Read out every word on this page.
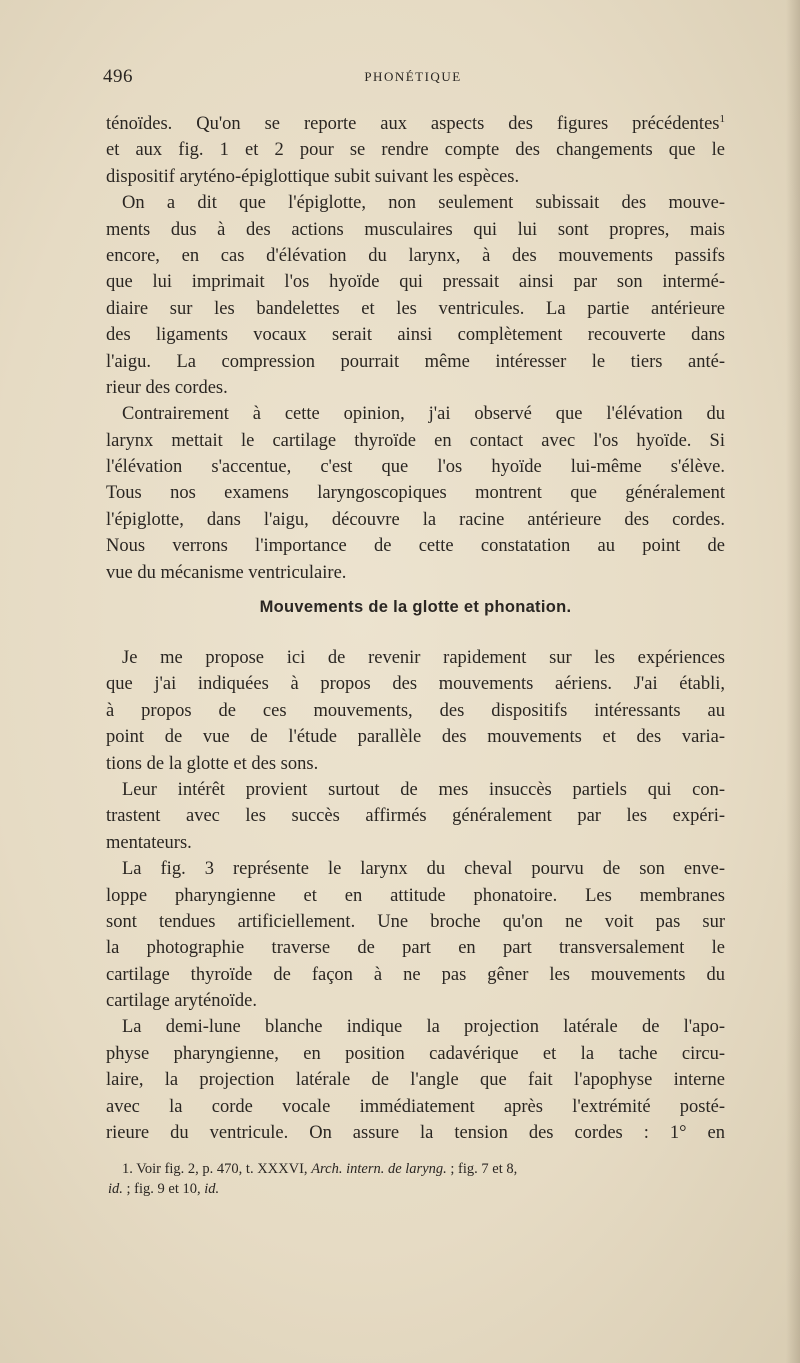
496	PHONÉTIQUE
ténoïdes. Qu'on se reporte aux aspects des figures précédentes$^1$
et aux fig. 1 et 2 pour se rendre compte des changements que le
dispositif aryténo-épiglottique subit suivant les espèces.
On a dit que l'épiglotte, non seulement subissait des mouve-
ments dus à des actions musculaires qui lui sont propres, mais
encore, en cas d'élévation du larynx, à des mouvements passifs
que lui imprimait l'os hyoïde qui pressait ainsi par son intermé-
diaire sur les bandelettes et les ventricules. La partie antérieure
des ligaments vocaux serait ainsi complètement recouverte dans
l'aigu. La compression pourrait même intéresser le tiers anté-
rieur des cordes.
Contrairement à cette opinion, j'ai observé que l'élévation du
larynx mettait le cartilage thyroïde en contact avec l'os hyoïde. Si
l'élévation s'accentue, c'est que l'os hyoïde lui-même s'élève.
Tous nos examens laryngoscopiques montrent que généralement
l'épiglotte, dans l'aigu, découvre la racine antérieure des cordes.
Nous verrons l'importance de cette constatation au point de
vue du mécanisme ventriculaire.
Mouvements de la glotte et phonation.
Je me propose ici de revenir rapidement sur les expériences
que j'ai indiquées à propos des mouvements aériens. J'ai établi,
à propos de ces mouvements, des dispositifs intéressants au
point de vue de l'étude parallèle des mouvements et des varia-
tions de la glotte et des sons.
Leur intérêt provient surtout de mes insuccès partiels qui con-
trastent avec les succès affirmés généralement par les expéri-
mentateurs.
La fig. 3 représente le larynx du cheval pourvu de son enve-
loppe pharyngienne et en attitude phonatoire. Les membranes
sont tendues artificiellement. Une broche qu'on ne voit pas sur
la photographie traverse de part en part transversalement le
cartilage thyroïde de façon à ne pas gêner les mouvements du
cartilage aryténoïde.
La demi-lune blanche indique la projection latérale de l'apo-
physe pharyngienne, en position cadavérique et la tache circu-
laire, la projection latérale de l'angle que fait l'apophyse interne
avec la corde vocale immédiatement après l'extrémité posté-
rieure du ventricule. On assure la tension des cordes : 1° en
1. Voir fig. 2, p. 470, t. XXXVI, Arch. intern. de laryng. ; fig. 7 et 8,
id. ; fig. 9 et 10, id.
